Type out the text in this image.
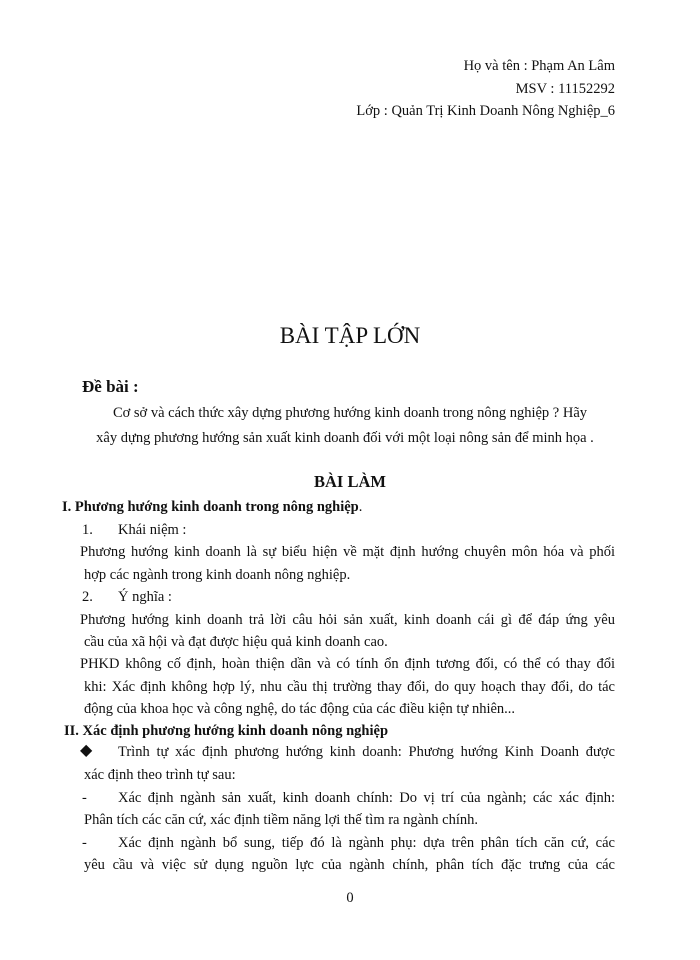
Họ và tên : Phạm An Lâm
MSV : 11152292
Lớp : Quản Trị Kinh Doanh Nông Nghiệp_6
BÀI TẬP LỚN
Đề bài :
Cơ sở và cách thức xây dựng phương hướng kinh doanh trong nông nghiệp ? Hãy
xây dựng phương hướng sản xuất kinh doanh đối với một loại nông sản để minh họa .
BÀI LÀM
I. Phương hướng kinh doanh trong nông nghiệp.
1. Khái niệm :
Phương hướng kinh doanh là sự biểu hiện về mặt định hướng chuyên môn hóa và phối
hợp các ngành trong kinh doanh nông nghiệp.
2. Ý nghĩa :
Phương hướng kinh doanh trả lời câu hỏi sản xuất, kinh doanh cái gì để đáp ứng yêu
cầu của xã hội và đạt được hiệu quả kinh doanh cao.
PHKD không cố định, hoàn thiện dần và có tính ổn định tương đối, có thể có thay đổi
khi: Xác định không hợp lý, nhu cầu thị trường thay đổi, do quy hoạch thay đổi, do tác
động của khoa học và công nghệ, do tác động của các điều kiện tự nhiên...
II. Xác định phương hướng kinh doanh nông nghiệp
◆ Trình tự xác định phương hướng kinh doanh: Phương hướng Kinh Doanh được
xác định theo trình tự sau:
- Xác định ngành sản xuất, kinh doanh chính: Do vị trí của ngành; các xác định:
Phân tích các căn cứ, xác định tiềm năng lợi thế tìm ra ngành chính.
- Xác định ngành bổ sung, tiếp đó là ngành phụ: dựa trên phân tích căn cứ, các
yêu cầu và việc sử dụng nguồn lực của ngành chính, phân tích đặc trưng của các
0
